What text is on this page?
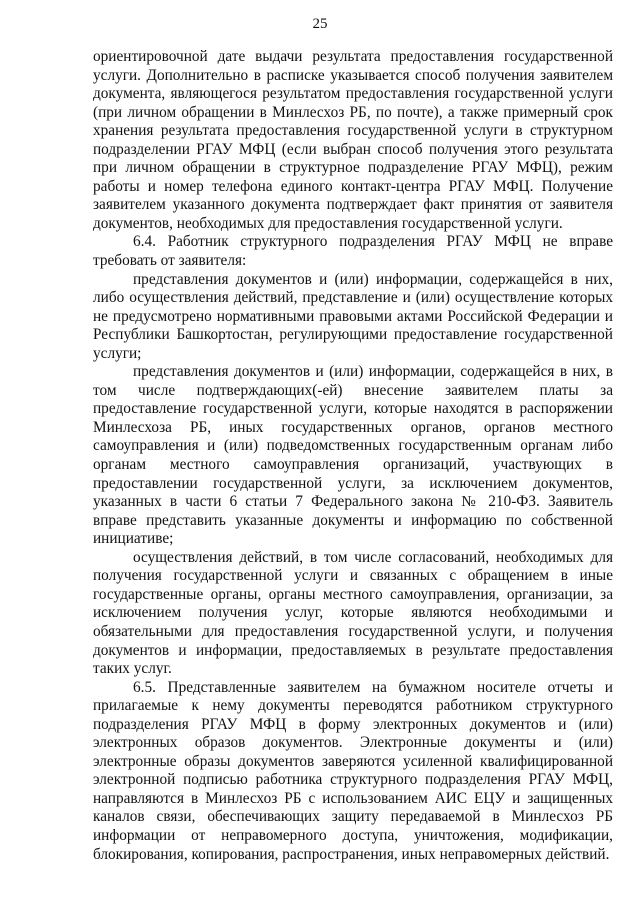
25

ориентировочной дате выдачи результата предоставления государственной услуги. Дополнительно в расписке указывается способ получения заявителем документа, являющегося результатом предоставления государственной услуги (при личном обращении в Минлесхоз РБ, по почте), а также примерный срок хранения результата предоставления государственной услуги в структурном подразделении РГАУ МФЦ (если выбран способ получения этого результата при личном обращении в структурное подразделение РГАУ МФЦ), режим работы и номер телефона единого контакт-центра РГАУ МФЦ. Получение заявителем указанного документа подтверждает факт принятия от заявителя документов, необходимых для предоставления государственной услуги.

6.4. Работник структурного подразделения РГАУ МФЦ не вправе требовать от заявителя:

представления документов и (или) информации, содержащейся в них, либо осуществления действий, представление и (или) осуществление которых не предусмотрено нормативными правовыми актами Российской Федерации и Республики Башкортостан, регулирующими предоставление государственной услуги;

представления документов и (или) информации, содержащейся в них, в том числе подтверждающих(-ей) внесение заявителем платы за предоставление государственной услуги, которые находятся в распоряжении Минлесхоза РБ, иных государственных органов, органов местного самоуправления и (или) подведомственных государственным органам либо органам местного самоуправления организаций, участвующих в предоставлении государственной услуги, за исключением документов, указанных в части 6 статьи 7 Федерального закона № 210-ФЗ. Заявитель вправе представить указанные документы и информацию по собственной инициативе;

осуществления действий, в том числе согласований, необходимых для получения государственной услуги и связанных с обращением в иные государственные органы, органы местного самоуправления, организации, за исключением получения услуг, которые являются необходимыми и обязательными для предоставления государственной услуги, и получения документов и информации, предоставляемых в результате предоставления таких услуг.

6.5. Представленные заявителем на бумажном носителе отчеты и прилагаемые к нему документы переводятся работником структурного подразделения РГАУ МФЦ в форму электронных документов и (или) электронных образов документов. Электронные документы и (или) электронные образы документов заверяются усиленной квалифицированной электронной подписью работника структурного подразделения РГАУ МФЦ, направляются в Минлесхоз РБ с использованием АИС ЕЦУ и защищенных каналов связи, обеспечивающих защиту передаваемой в Минлесхоз РБ информации от неправомерного доступа, уничтожения, модификации, блокирования, копирования, распространения, иных неправомерных действий.
